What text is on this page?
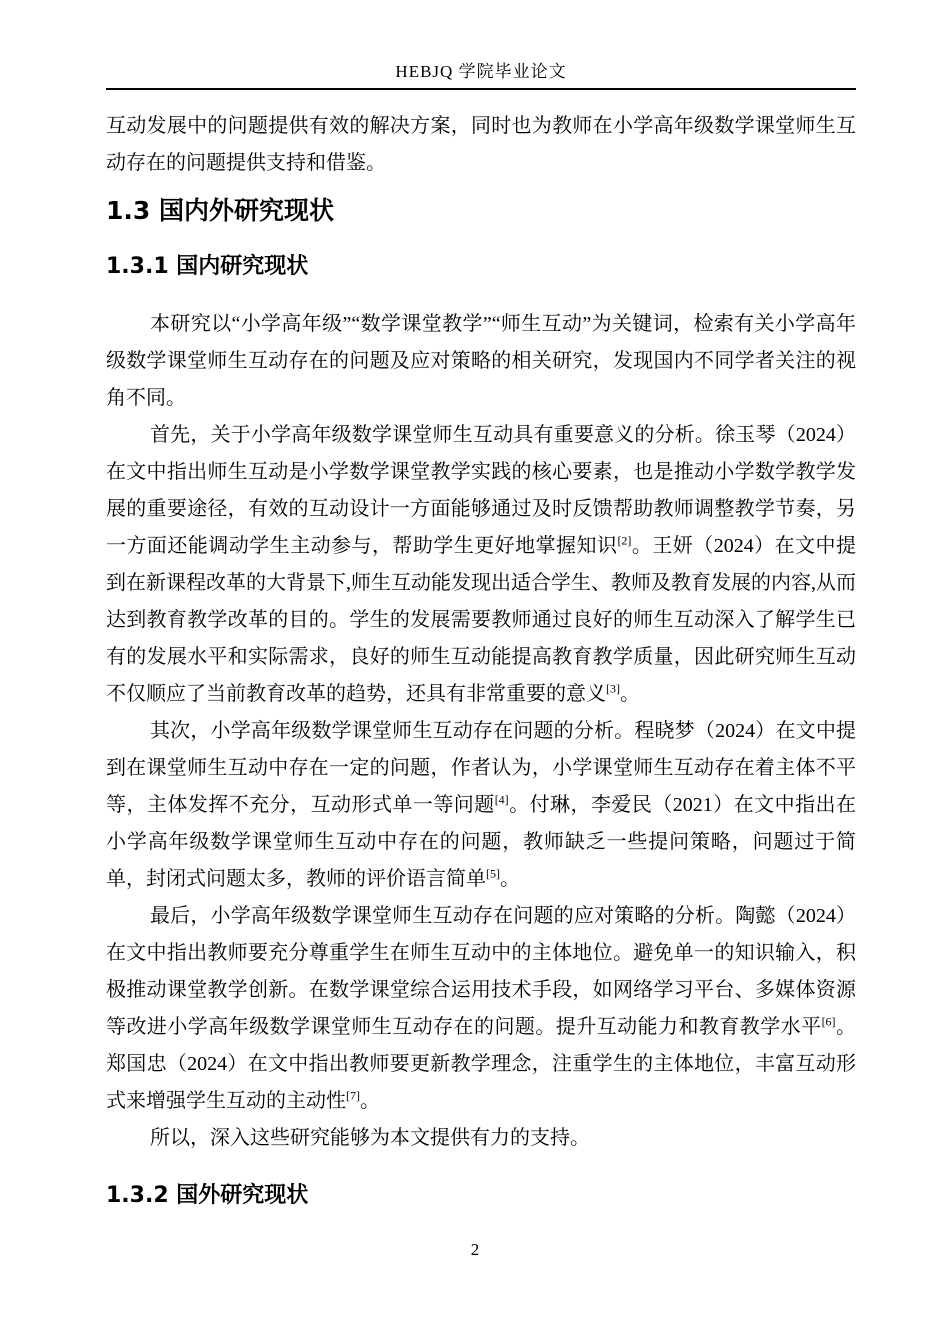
HEBJQ 学院毕业论文

互动发展中的问题提供有效的解决方案，同时也为教师在小学高年级数学课堂师生互动存在的问题提供支持和借鉴。

1.3 国内外研究现状
1.3.1 国内研究现状

本研究以“小学高年级”“数学课堂教学”“师生互动”为关键词，检索有关小学高年级数学课堂师生互动存在的问题及应对策略的相关研究，发现国内不同学者关注的视角不同。

首先，关于小学高年级数学课堂师生互动具有重要意义的分析。徐玉琴（2024）在文中指出师生互动是小学数学课堂教学实践的核心要素，也是推动小学数学教学发展的重要途径，有效的互动设计一方面能够通过及时反馈帮助教师调整教学节奏，另一方面还能调动学生主动参与，帮助学生更好地掌握知识[2]。王妍（2024）在文中提到在新课程改革的大背景下,师生互动能发现出适合学生、教师及教育发展的内容,从而达到教育教学改革的目的。学生的发展需要教师通过良好的师生互动深入了解学生已有的发展水平和实际需求，良好的师生互动能提高教育教学质量，因此研究师生互动不仅顺应了当前教育改革的趋势，还具有非常重要的意义[3]。

其次，小学高年级数学课堂师生互动存在问题的分析。程晓梦（2024）在文中提到在课堂师生互动中存在一定的问题，作者认为，小学课堂师生互动存在着主体不平等，主体发挥不充分，互动形式单一等问题[4]。付琳，李爱民（2021）在文中指出在小学高年级数学课堂师生互动中存在的问题，教师缺乏一些提问策略，问题过于简单，封闭式问题太多，教师的评价语言简单[5]。

最后，小学高年级数学课堂师生互动存在问题的应对策略的分析。陶懿（2024）在文中指出教师要充分尊重学生在师生互动中的主体地位。避免单一的知识输入，积极推动课堂教学创新。在数学课堂综合运用技术手段，如网络学习平台、多媒体资源等改进小学高年级数学课堂师生互动存在的问题。提升互动能力和教育教学水平[6]。郑国忠（2024）在文中指出教师要更新教学理念，注重学生的主体地位，丰富互动形式来增强学生互动的主动性[7]。

所以，深入这些研究能够为本文提供有力的支持。

1.3.2 国外研究现状
2
